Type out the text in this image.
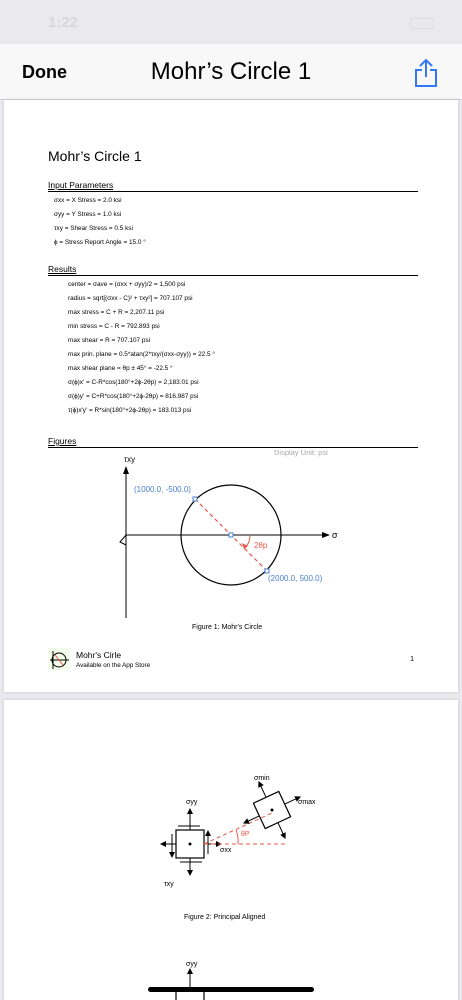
1:22
Done	Mohr’s Circle 1
Mohr’s Circle 1
Input Parameters
σxx = X Stress = 2.0 ksi
σyy = Y Stress = 1.0 ksi
τxy = Shear Stress = 0.5 ksi
ϕ = Stress Report Angle = 15.0 °
Results
center = σave = (σxx + σyy)/2 = 1,500 psi
radius = sqrt[(σxx - C)² + τxy²] = 707.107 psi
max stress = C + R = 2,207.11 psi
min stress = C - R = 792.893 psi
max shear = R = 707.107 psi
max prin. plane = 0.5*atan(2*τxy/(σxx-σyy)) = 22.5 °
max shear plane = θp ± 45° = -22.5 °
σ(ϕ)x' = C-R*cos(180°+2ϕ-2θp) = 2,183.01 psi
σ(ϕ)y' = C+R*cos(180°+2ϕ-2θp) = 816.987 psi
τ(ϕ)x'y' = R*sin(180°+2ϕ-2θp) = 183.013 psi
Figures
Display Unit: psi
τxy
σ
(1000.0, -500.0)
(2000.0, 500.0)
2θp
Figure 1: Mohr's Circle
Mohr's Cirle
Available on the App Store
1
σyy
σxx
τxy
σmin
σmax
θP
σyy
Figure 2: Principal Aligned
